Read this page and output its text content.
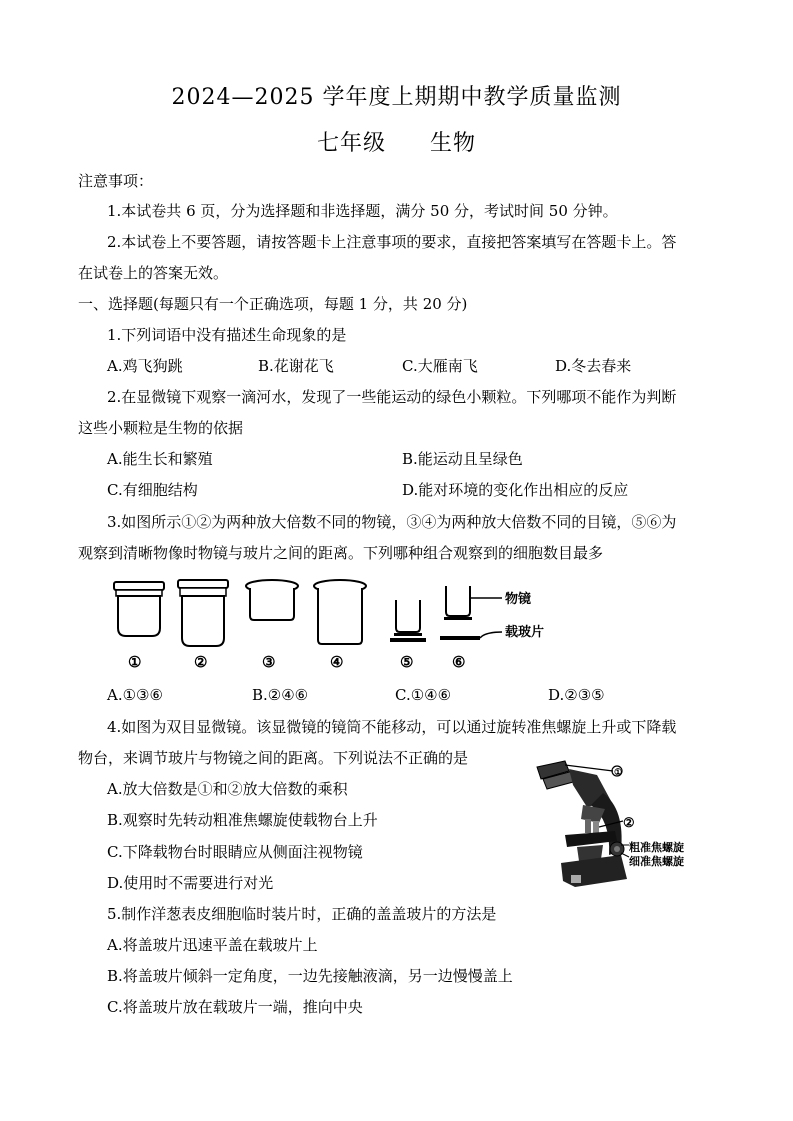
2024—2025 学年度上期期中教学质量监测
七年级 生物
注意事项：
1.本试卷共 6 页，分为选择题和非选择题，满分 50 分，考试时间 50 分钟。
2.本试卷上不要答题，请按答题卡上注意事项的要求，直接把答案填写在答题卡上。答
在试卷上的答案无效。
一、选择题(每题只有一个正确选项，每题 1 分，共 20 分)
1.下列词语中没有描述生命现象的是
A.鸡飞狗跳	B.花谢花飞	C.大雁南飞	D.冬去春来
2.在显微镜下观察一滴河水，发现了一些能运动的绿色小颗粒。下列哪项不能作为判断
这些小颗粒是生物的依据
A.能生长和繁殖	B.能运动且呈绿色
C.有细胞结构	D.能对环境的变化作出相应的反应
3.如图所示①②为两种放大倍数不同的物镜，③④为两种放大倍数不同的目镜，⑤⑥为
观察到清晰物像时物镜与玻片之间的距离。下列哪种组合观察到的细胞数目最多
物镜
载玻片
①	②	③	④	⑤	⑥
A.①③⑥	B.②④⑥	C.①④⑥	D.②③⑤
4.如图为双目显微镜。该显微镜的镜筒不能移动，可以通过旋转准焦螺旋上升或下降载
物台，来调节玻片与物镜之间的距离。下列说法不正确的是
A.放大倍数是①和②放大倍数的乘积
B.观察时先转动粗准焦螺旋使载物台上升
C.下降载物台时眼睛应从侧面注视物镜
D.使用时不需要进行对光
①
②
粗准焦螺旋
细准焦螺旋
5.制作洋葱表皮细胞临时装片时，正确的盖盖玻片的方法是
A.将盖玻片迅速平盖在载玻片上
B.将盖玻片倾斜一定角度，一边先接触液滴，另一边慢慢盖上
C.将盖玻片放在载玻片一端，推向中央
